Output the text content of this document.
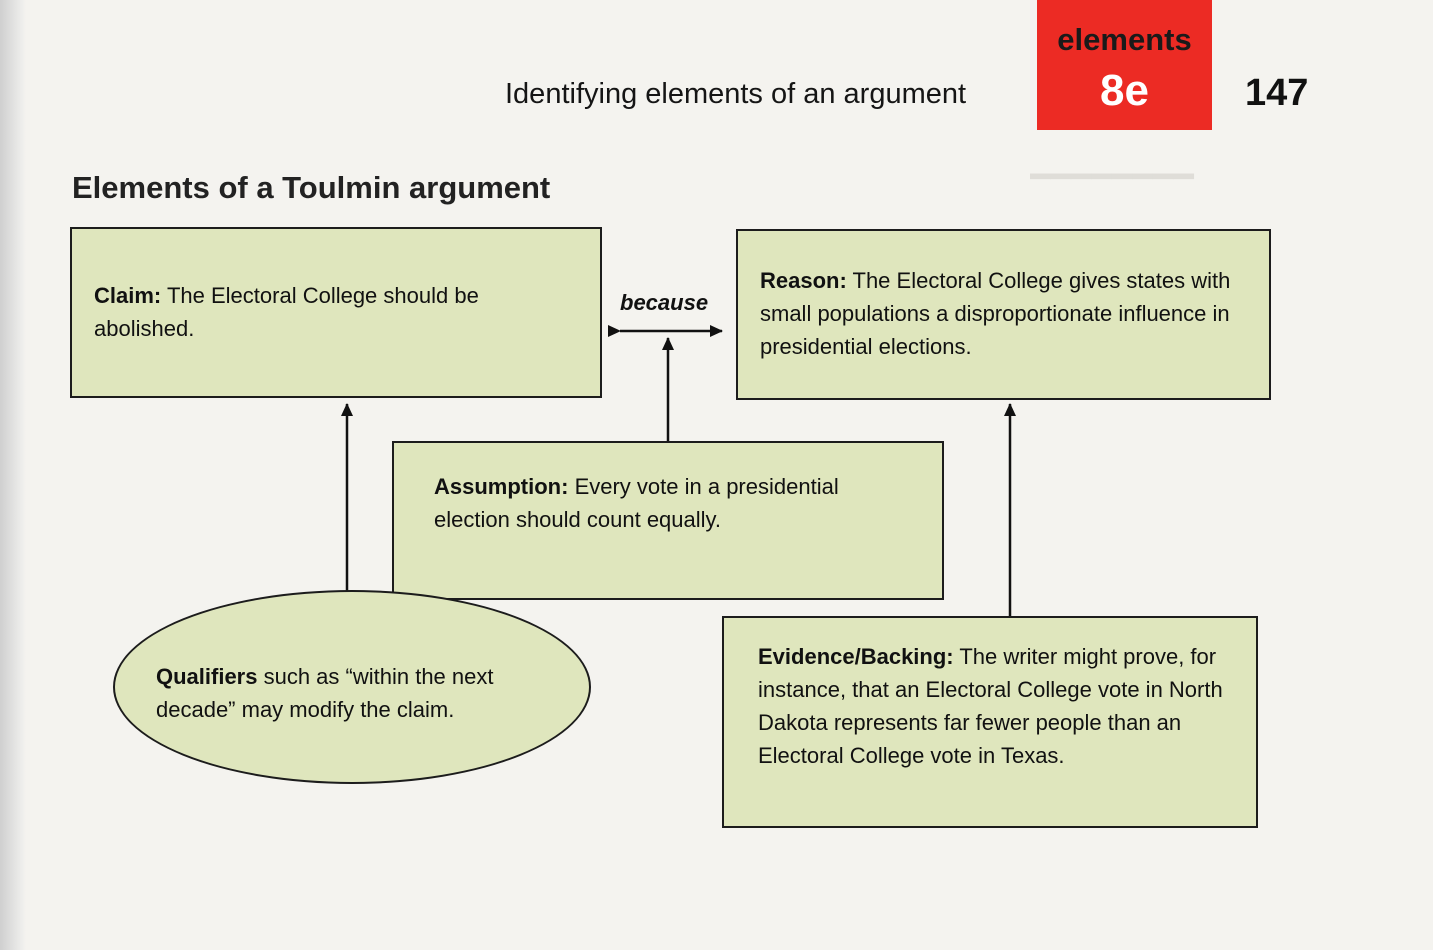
━━━━━━━━
Identifying elements of an argument
elements
8e	147
Elements of a Toulmin argument
Claim: The Electoral College should be abolished.
because
Reason: The Electoral College gives states with small populations a disproportionate influence in presidential elections.
Assumption: Every vote in a presidential election should count equally.
Qualifiers such as “within the next decade” may modify the claim.
Evidence/Backing: The writer might prove, for instance, that an Electoral College vote in North Dakota represents far fewer people than an Electoral College vote in Texas.
